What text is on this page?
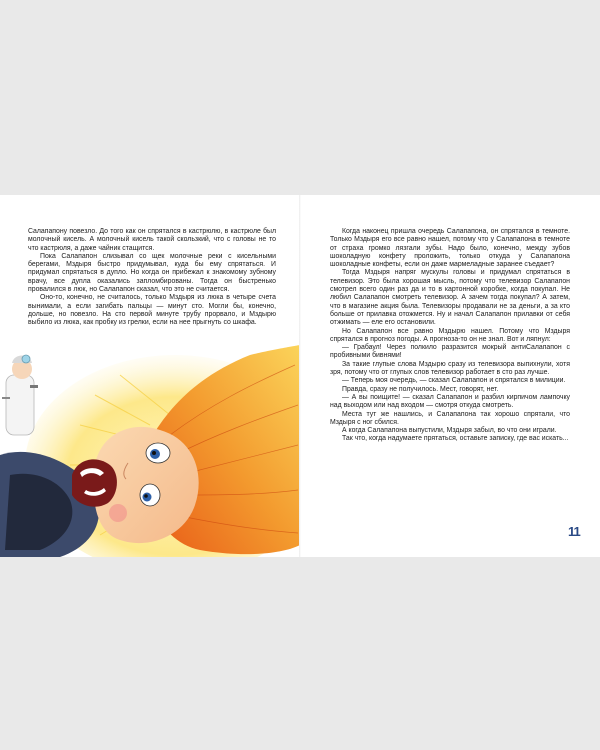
Салапапону повезло. До того как он спрятался в кастрюлю, в кастрюле был молочный кисель. А молочный кисель такой скользкий, что с головы не то что кастрюля, а даже чайник стащится.

Пока Салапапон слизывал со щек молочные реки с кисельными берегами, Мздыря быстро придумывал, куда бы ему спрятаться. И придумал спрятаться в дупло. Но когда он прибежал к знакомому зубному врачу, все дупла оказались запломбированы. Тогда он быстренько провалился в люк, но Салапапон сказал, что это не считается.

Оно-то, конечно, не считалось, только Мздыря из люка в четыре счета вынимали, а если загибать пальцы — минут сто. Могли бы, конечно, дольше, но повезло. На сто первой минуте трубу прорвало, и Мздырю выбило из люка, как пробку из грелки, если на нее прыгнуть со шкафа.

Когда наконец пришла очередь Салапапона, он спрятался в темноте. Только Мздыря его все равно нашел, потому что у Салапапона в темноте от страха громко лязгали зубы. Надо было, конечно, между зубов шоколадную конфету проложить, только откуда у Салапапона шоколадные конфеты, если он даже мармеладные заранее съедает?

Тогда Мздыря напряг мускулы головы и придумал спрятаться в телевизор. Это была хорошая мысль, потому что телевизор Салапапон смотрел всего один раз да и то в картонной коробке, когда покупал. Не любил Салапапон смотреть телевизор. А зачем тогда покупал? А затем, что в магазине акция была. Телевизоры продавали не за деньги, а за кто больше от прилавка отожмется. Ну и начал Салапапон прилавки от себя отжимать — еле его остановили.

Но Салапапон все равно Мздырю нашел. Потому что Мздыря спрятался в прогноз погоды. А прогноза-то он не знал. Вот и ляпнул:

— Грабаул! Через полкило разразится мокрый антиСалапапон с пробивными бивнями!

За такие глупые слова Мздырю сразу из телевизора выпихнули, хотя зря, потому что от глупых слов телевизор работает в сто раз лучше.

— Теперь моя очередь, — сказал Салапапон и спрятался в милиции.

Правда, сразу не получилось. Мест, говорят, нет.

— А вы поищите! — сказал Салапапон и разбил кирпичом лампочку над выходом или над входом — смотря откуда смотреть.

Места тут же нашлись, и Салапапона так хорошо спрятали, что Мздыря с ног сбился.

А когда Салапапона выпустили, Мздыря забыл, во что они играли.

Так что, когда надумаете прятаться, оставьте записку, где вас искать...

11
